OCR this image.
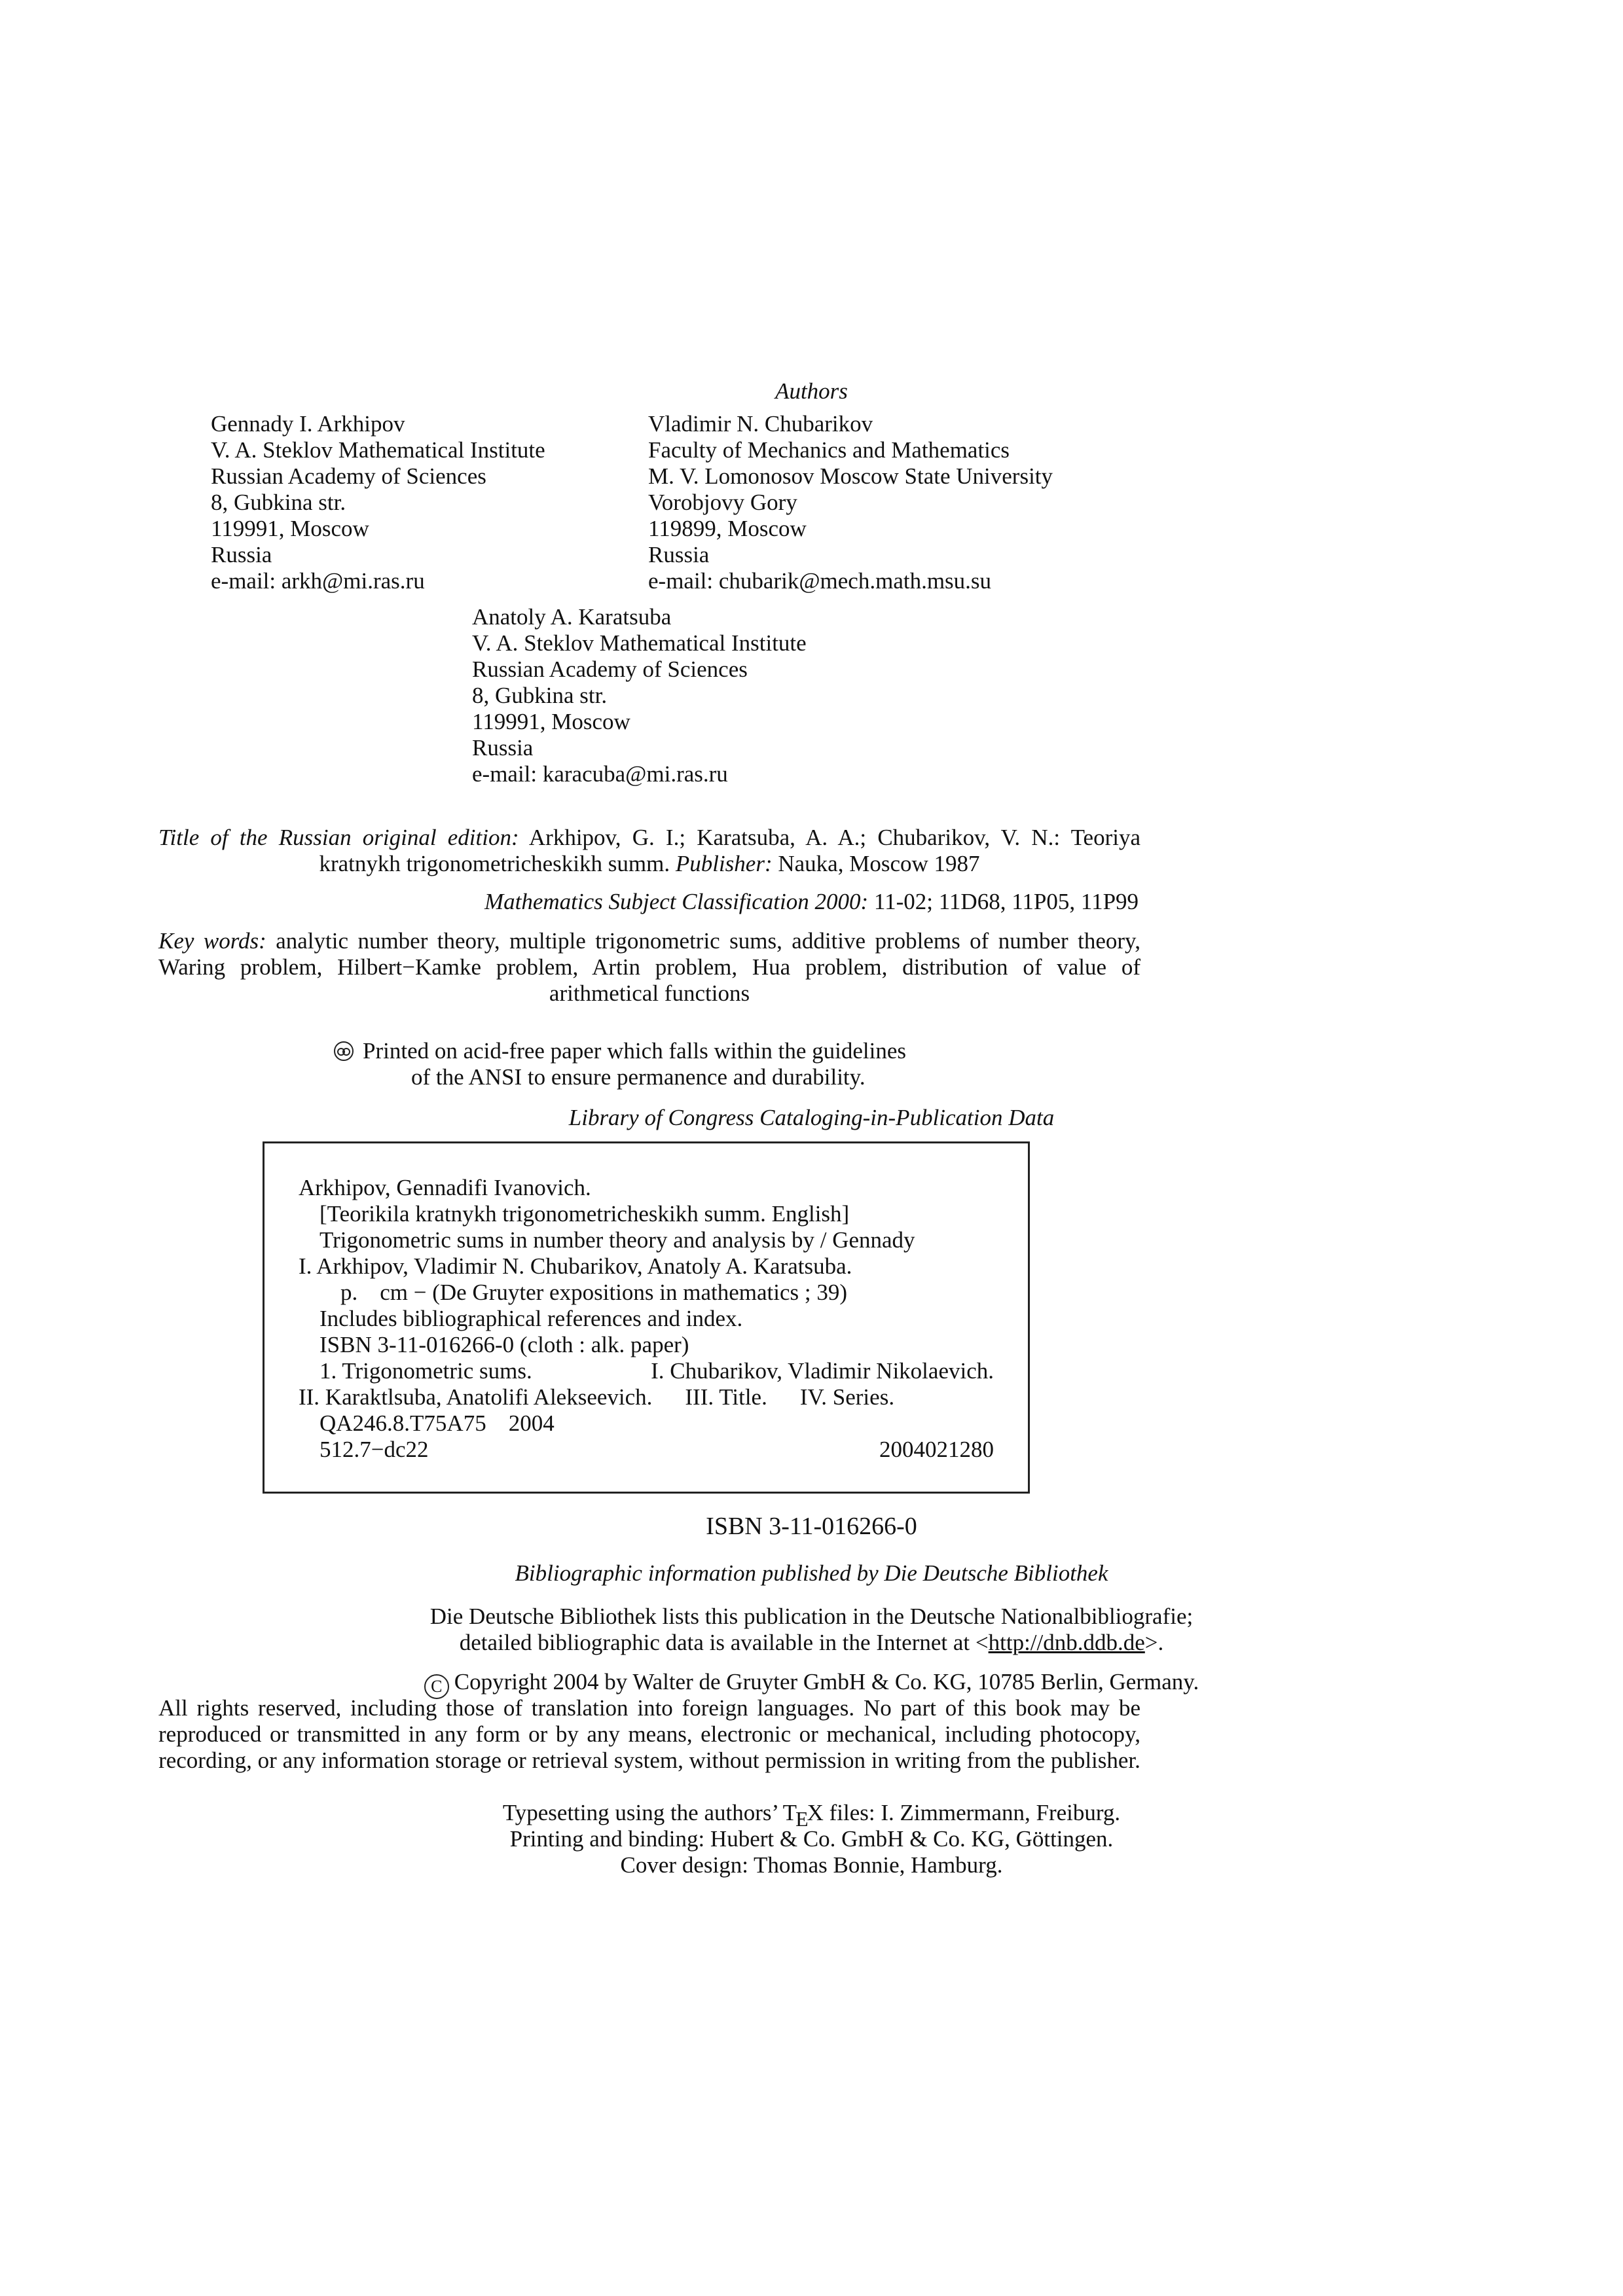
Authors
Gennady I. Arkhipov
V. A. Steklov Mathematical Institute
Russian Academy of Sciences
8, Gubkina str.
119991, Moscow
Russia
e-mail: arkh@mi.ras.ru
Vladimir N. Chubarikov
Faculty of Mechanics and Mathematics
M. V. Lomonosov Moscow State University
Vorobjovy Gory
119899, Moscow
Russia
e-mail: chubarik@mech.math.msu.su
Anatoly A. Karatsuba
V. A. Steklov Mathematical Institute
Russian Academy of Sciences
8, Gubkina str.
119991, Moscow
Russia
e-mail: karacuba@mi.ras.ru
Title of the Russian original edition: Arkhipov, G. I.; Karatsuba, A. A.; Chubarikov, V. N.: Teoriya kratnykh trigonometricheskikh summ. Publisher: Nauka, Moscow 1987
Mathematics Subject Classification 2000: 11-02; 11D68, 11P05, 11P99
Key words: analytic number theory, multiple trigonometric sums, additive problems of number theory, Waring problem, Hilbert−Kamke problem, Artin problem, Hua problem, distribution of value of arithmetical functions
Printed on acid-free paper which falls within the guidelines
of the ANSI to ensure permanence and durability.
Library of Congress Cataloging-in-Publication Data
Arkhipov, Gennadifi Ivanovich.
[Teorikila kratnykh trigonometricheskikh summ. English]
Trigonometric sums in number theory and analysis by / Gennady
I. Arkhipov, Vladimir N. Chubarikov, Anatoly A. Karatsuba.
p. cm − (De Gruyter expositions in mathematics ; 39)
Includes bibliographical references and index.
ISBN 3-11-016266-0 (cloth : alk. paper)
1. Trigonometric sums.	I. Chubarikov, Vladimir Nikolaevich.
II. Karaktlsuba, Anatolifi Alekseevich. III. Title. IV. Series.
QA246.8.T75A75 2004
512.7−dc22	2004021280
ISBN 3-11-016266-0
Bibliographic information published by Die Deutsche Bibliothek
Die Deutsche Bibliothek lists this publication in the Deutsche Nationalbibliografie;
detailed bibliographic data is available in the Internet at <http://dnb.ddb.de>.
C Copyright 2004 by Walter de Gruyter GmbH & Co. KG, 10785 Berlin, Germany.
All rights reserved, including those of translation into foreign languages. No part of this book may be reproduced or transmitted in any form or by any means, electronic or mechanical, including photocopy, recording, or any information storage or retrieval system, without permission in writing from the publisher.
Typesetting using the authors’ TEX files: I. Zimmermann, Freiburg.
Printing and binding: Hubert & Co. GmbH & Co. KG, Göttingen.
Cover design: Thomas Bonnie, Hamburg.
